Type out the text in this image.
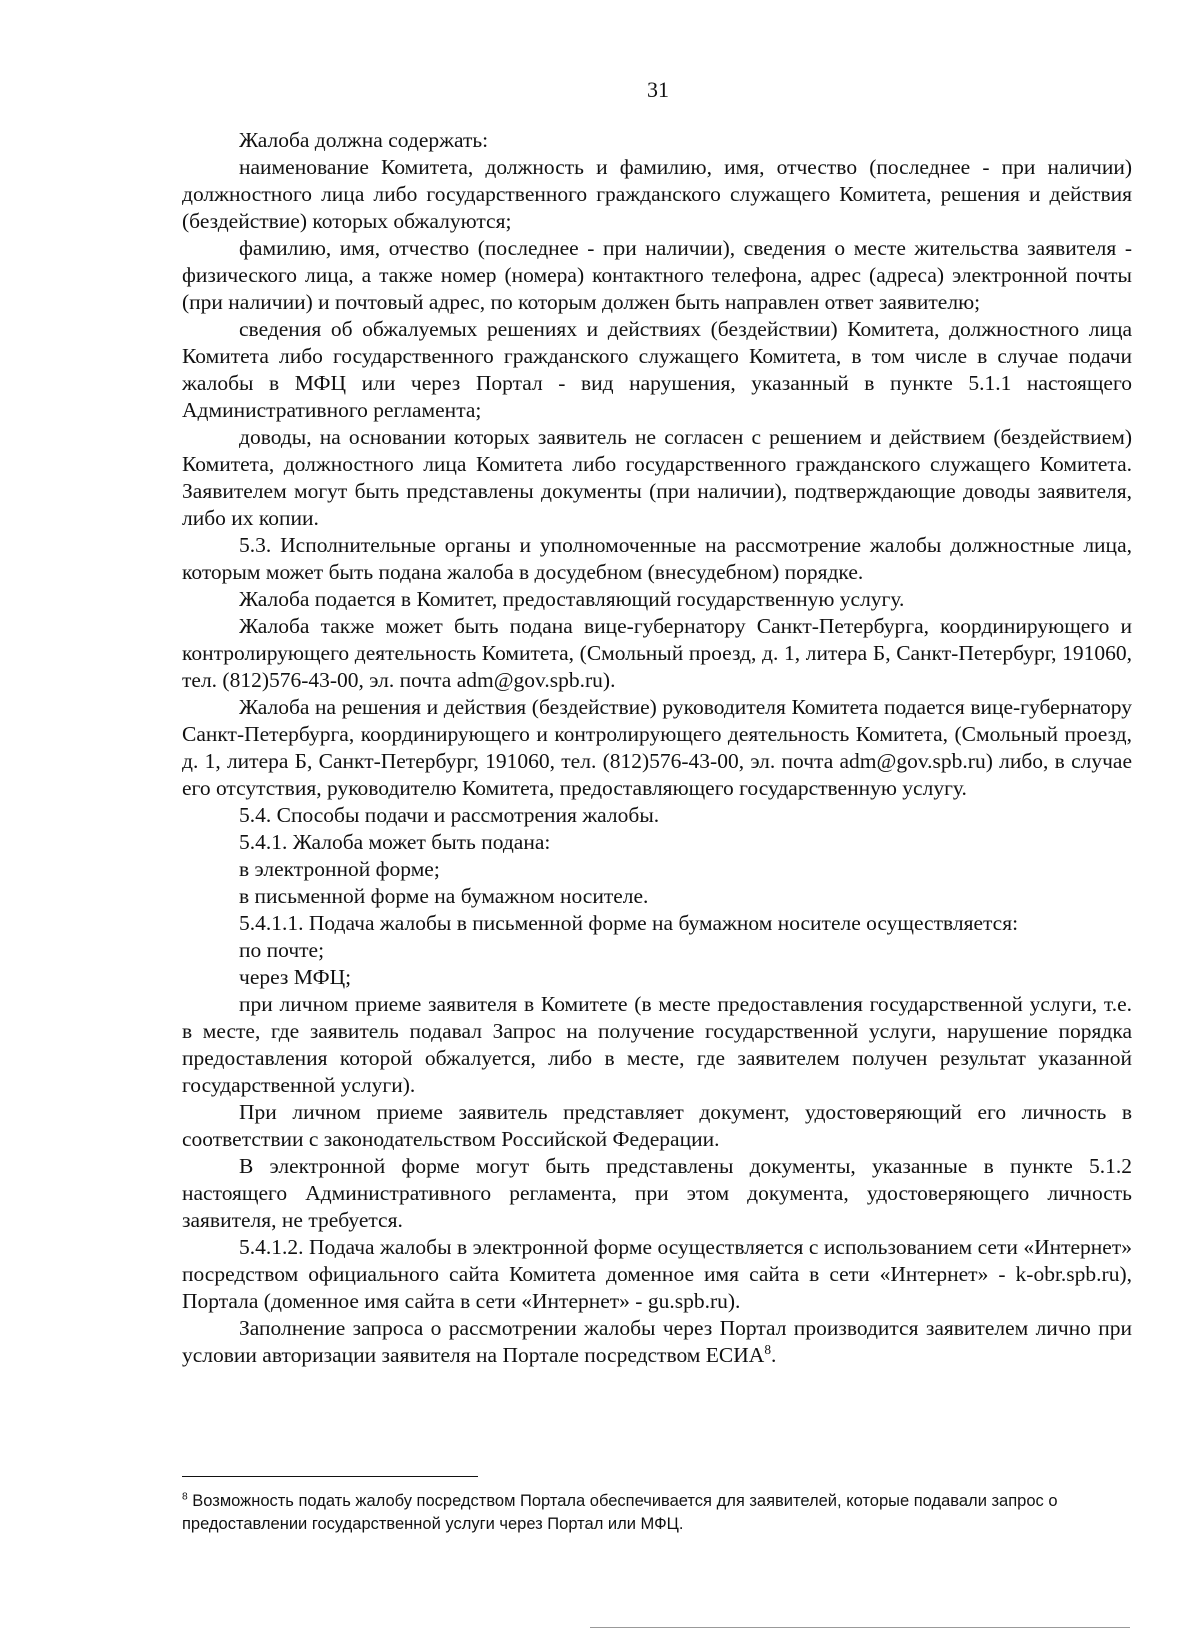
31

Жалоба должна содержать:

наименование Комитета, должность и фамилию, имя, отчество (последнее - при наличии) должностного лица либо государственного гражданского служащего Комитета, решения и действия (бездействие) которых обжалуются;

фамилию, имя, отчество (последнее - при наличии), сведения о месте жительства заявителя - физического лица, а также номер (номера) контактного телефона, адрес (адреса) электронной почты (при наличии) и почтовый адрес, по которым должен быть направлен ответ заявителю;

сведения об обжалуемых решениях и действиях (бездействии) Комитета, должностного лица Комитета либо государственного гражданского служащего Комитета, в том числе в случае подачи жалобы в МФЦ или через Портал - вид нарушения, указанный в пункте 5.1.1 настоящего Административного регламента;

доводы, на основании которых заявитель не согласен с решением и действием (бездействием) Комитета, должностного лица Комитета либо государственного гражданского служащего Комитета. Заявителем могут быть представлены документы (при наличии), подтверждающие доводы заявителя, либо их копии.

5.3. Исполнительные органы и уполномоченные на рассмотрение жалобы должностные лица, которым может быть подана жалоба в досудебном (внесудебном) порядке.

Жалоба подается в Комитет, предоставляющий государственную услугу.

Жалоба также может быть подана вице-губернатору Санкт-Петербурга, координирующего и контролирующего деятельность Комитета, (Смольный проезд, д. 1, литера Б, Санкт-Петербург, 191060, тел. (812)576-43-00, эл. почта adm@gov.spb.ru).

Жалоба на решения и действия (бездействие) руководителя Комитета подается вице-губернатору Санкт-Петербурга, координирующего и контролирующего деятельность Комитета, (Смольный проезд, д. 1, литера Б, Санкт-Петербург, 191060, тел. (812)576-43-00, эл. почта adm@gov.spb.ru) либо, в случае его отсутствия, руководителю Комитета, предоставляющего государственную услугу.

5.4. Способы подачи и рассмотрения жалобы.

5.4.1. Жалоба может быть подана:

в электронной форме;

в письменной форме на бумажном носителе.

5.4.1.1. Подача жалобы в письменной форме на бумажном носителе осуществляется:

по почте;

через МФЦ;

при личном приеме заявителя в Комитете (в месте предоставления государственной услуги, т.е. в месте, где заявитель подавал Запрос на получение государственной услуги, нарушение порядка предоставления которой обжалуется, либо в месте, где заявителем получен результат указанной государственной услуги).

При личном приеме заявитель представляет документ, удостоверяющий его личность в соответствии с законодательством Российской Федерации.

В электронной форме могут быть представлены документы, указанные в пункте 5.1.2 настоящего Административного регламента, при этом документа, удостоверяющего личность заявителя, не требуется.

5.4.1.2. Подача жалобы в электронной форме осуществляется с использованием сети «Интернет» посредством официального сайта Комитета доменное имя сайта в сети «Интернет» - k-obr.spb.ru), Портала (доменное имя сайта в сети «Интернет» - gu.spb.ru).

Заполнение запроса о рассмотрении жалобы через Портал производится заявителем лично при условии авторизации заявителя на Портале посредством ЕСИА$^8$.

$^8$ Возможность подать жалобу посредством Портала обеспечивается для заявителей, которые подавали запрос о предоставлении государственной услуги через Портал или МФЦ.
